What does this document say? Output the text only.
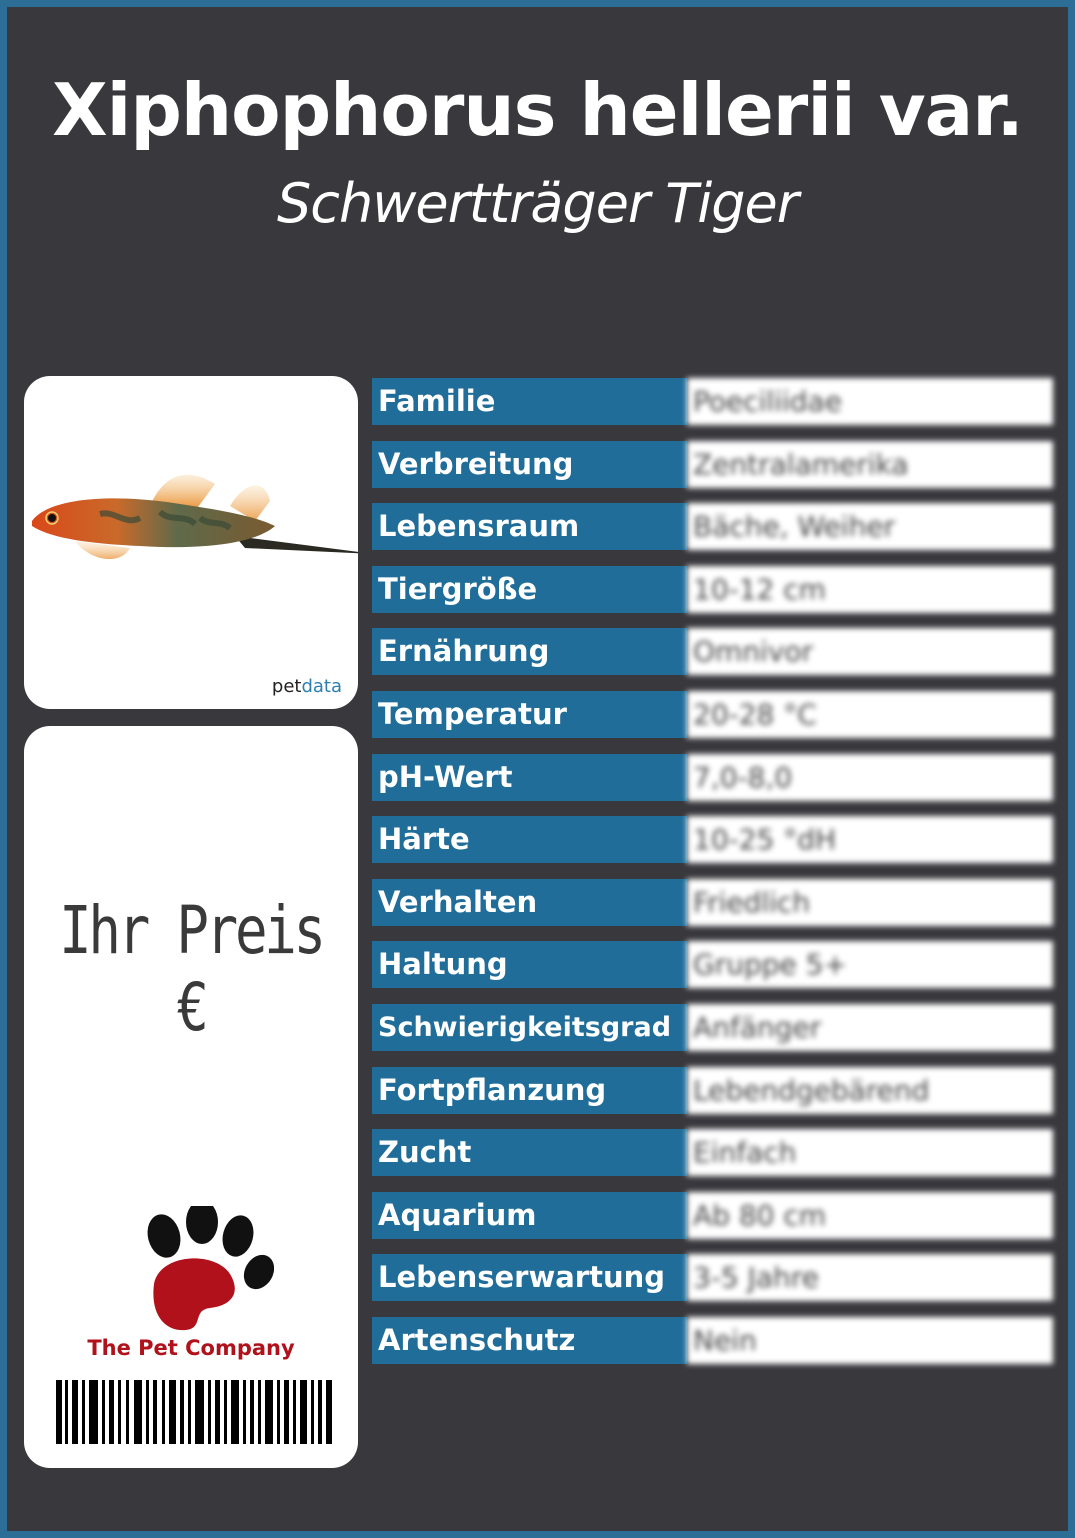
Xiphophorus hellerii var.
Schwertträger Tiger
petdata
Ihr Preis €
The Pet Company
Familie	Poeciliidae
Verbreitung	Zentralamerika
Lebensraum	Bäche, Weiher
Tiergröße	10-12 cm
Ernährung	Omnivor
Temperatur	20-28 °C
pH-Wert	7,0-8,0
Härte	10-25 °dH
Verhalten	Friedlich
Haltung	Gruppe 5+
Schwierigkeitsgrad Anfänger
Fortpflanzung	Lebendgebärend
Zucht	Einfach
Aquarium	Ab 80 cm
Lebenserwartung 3-5 Jahre
Artenschutz	Nein
